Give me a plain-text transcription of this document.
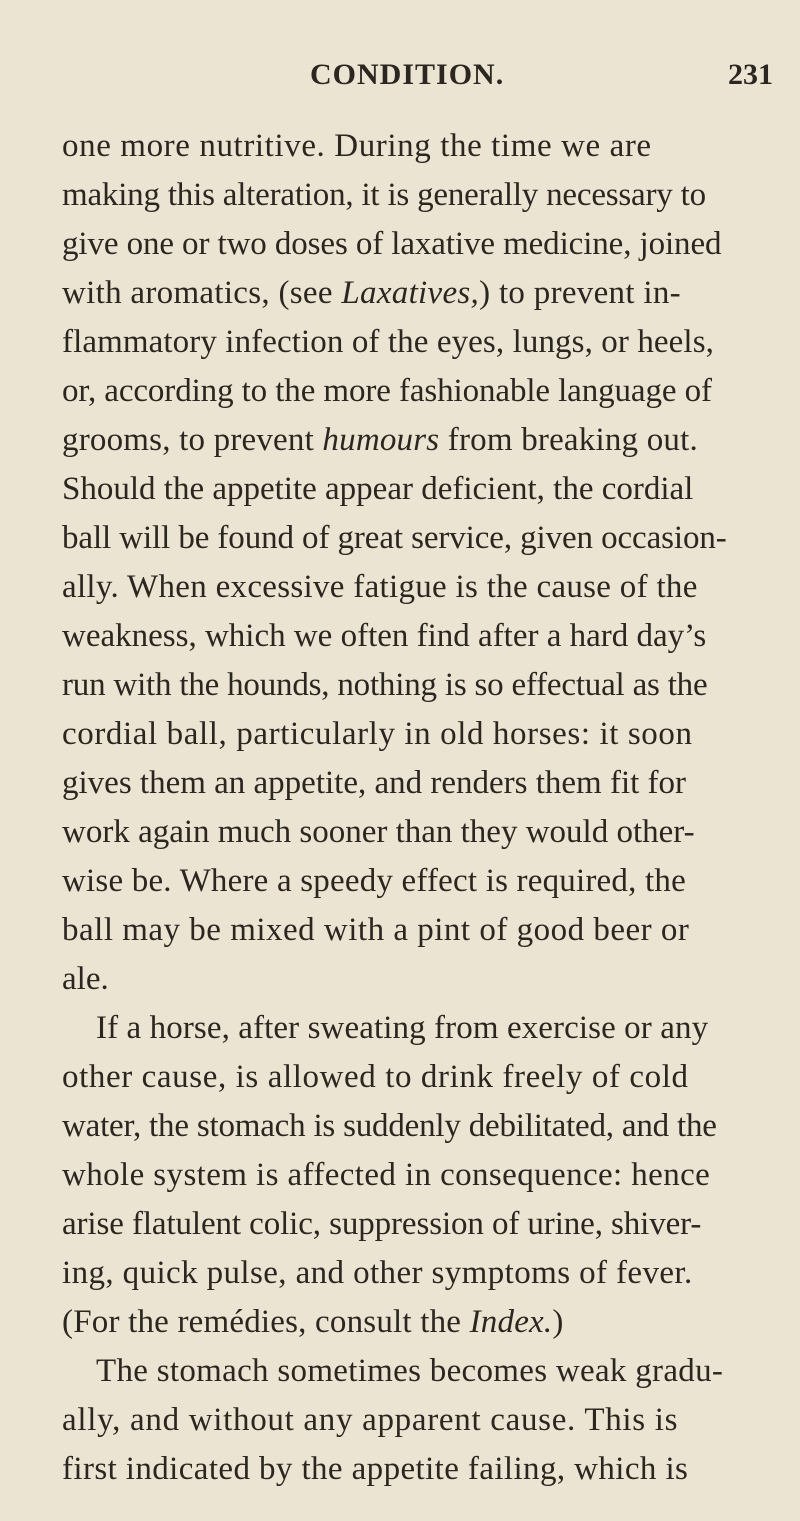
CONDITION.	231
one more nutritive. During the time we are
making this alteration, it is generally necessary to
give one or two doses of laxative medicine, joined
with aromatics, (see Laxatives,) to prevent in-
flammatory infection of the eyes, lungs, or heels,
or, according to the more fashionable language of
grooms, to prevent humours from breaking out.
Should the appetite appear deficient, the cordial
ball will be found of great service, given occasion-
ally. When excessive fatigue is the cause of the
weakness, which we often find after a hard day’s
run with the hounds, nothing is so effectual as the
cordial ball, particularly in old horses: it soon
gives them an appetite, and renders them fit for
work again much sooner than they would other-
wise be. Where a speedy effect is required, the
ball may be mixed with a pint of good beer or
ale.
If a horse, after sweating from exercise or any
other cause, is allowed to drink freely of cold
water, the stomach is suddenly debilitated, and the
whole system is affected in consequence: hence
arise flatulent colic, suppression of urine, shiver-
ing, quick pulse, and other symptoms of fever.
(For the remédies, consult the Index.)
The stomach sometimes becomes weak gradu-
ally, and without any apparent cause. This is
first indicated by the appetite failing, which is
